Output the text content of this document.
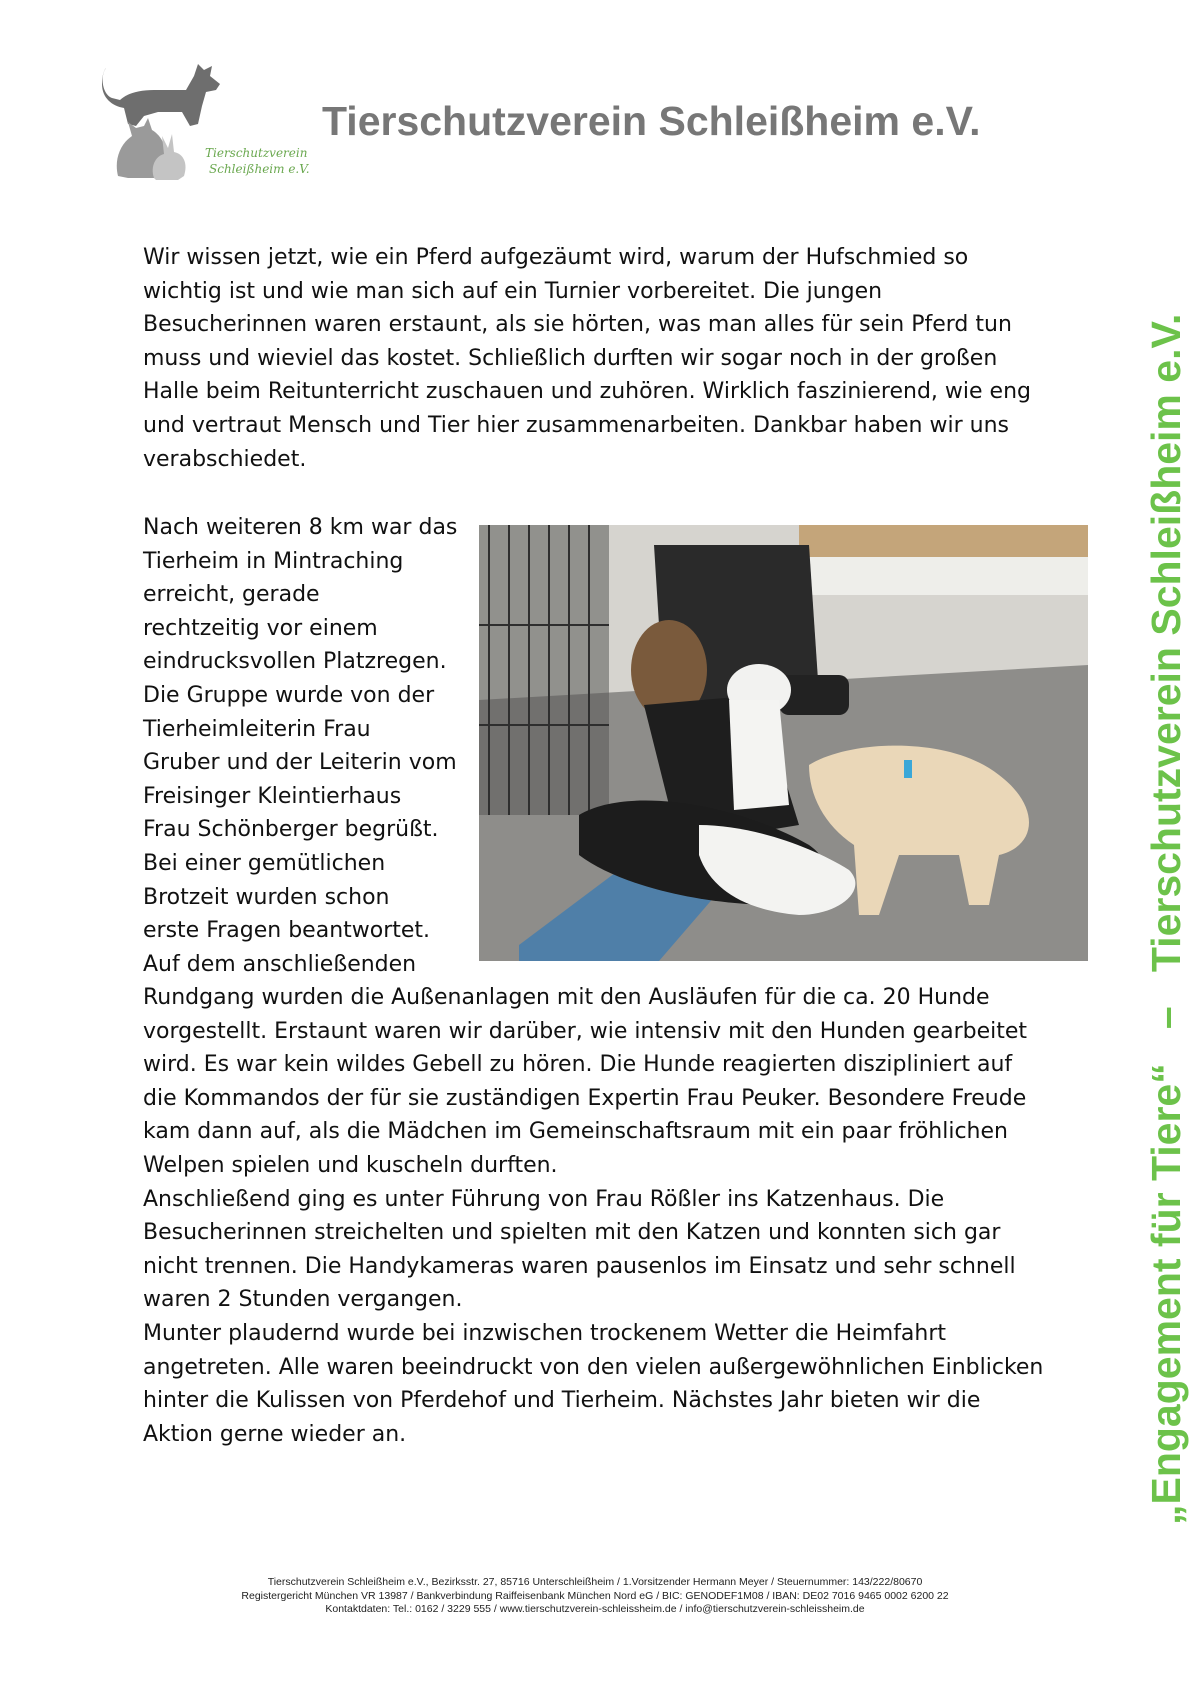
Tierschutzverein
Schleißheim e.V.
Tierschutzverein Schleißheim e.V.
„Engagement für Tiere“   –   Tierschutzverein Schleißheim e.V.
Wir wissen jetzt, wie ein Pferd aufgezäumt wird, warum der Hufschmied so
wichtig ist und wie man sich auf ein Turnier vorbereitet. Die jungen
Besucherinnen waren erstaunt, als sie hörten, was man alles für sein Pferd tun
muss und wieviel das kostet. Schließlich durften wir sogar noch in der großen
Halle beim Reitunterricht zuschauen und zuhören. Wirklich faszinierend, wie eng
und vertraut Mensch und Tier hier zusammenarbeiten. Dankbar haben wir uns
verabschiedet.
Nach weiteren 8 km war das
Tierheim in Mintraching
erreicht, gerade
rechtzeitig vor einem
eindrucksvollen Platzregen.
Die Gruppe wurde von der
Tierheimleiterin Frau
Gruber und der Leiterin vom
Freisinger Kleintierhaus
Frau Schönberger begrüßt.
Bei einer gemütlichen
Brotzeit wurden schon
erste Fragen beantwortet.
Auf dem anschließenden
Rundgang wurden die Außenanlagen mit den Ausläufen für die ca. 20 Hunde
vorgestellt. Erstaunt waren wir darüber, wie intensiv mit den Hunden gearbeitet
wird. Es war kein wildes Gebell zu hören. Die Hunde reagierten diszipliniert auf
die Kommandos der für sie zuständigen Expertin Frau Peuker. Besondere Freude
kam dann auf, als die Mädchen im Gemeinschaftsraum mit ein paar fröhlichen
Welpen spielen und kuscheln durften.
Anschließend ging es unter Führung von Frau Rößler ins Katzenhaus. Die
Besucherinnen streichelten und spielten mit den Katzen und konnten sich gar
nicht trennen. Die Handykameras waren pausenlos im Einsatz und sehr schnell
waren 2 Stunden vergangen.
Munter plaudernd wurde bei inzwischen trockenem Wetter die Heimfahrt
angetreten. Alle waren beeindruckt von den vielen außergewöhnlichen Einblicken
hinter die Kulissen von Pferdehof und Tierheim. Nächstes Jahr bieten wir die
Aktion gerne wieder an.
Tierschutzverein Schleißheim e.V., Bezirksstr. 27, 85716 Unterschleißheim / 1.Vorsitzender Hermann Meyer / Steuernummer: 143/222/80670
Registergericht München VR 13987 / Bankverbindung Raiffeisenbank München Nord eG / BIC: GENODEF1M08 / IBAN: DE02 7016 9465 0002 6200 22
Kontaktdaten: Tel.: 0162 / 3229 555 / www.tierschutzverein-schleissheim.de / info@tierschutzverein-schleissheim.de
